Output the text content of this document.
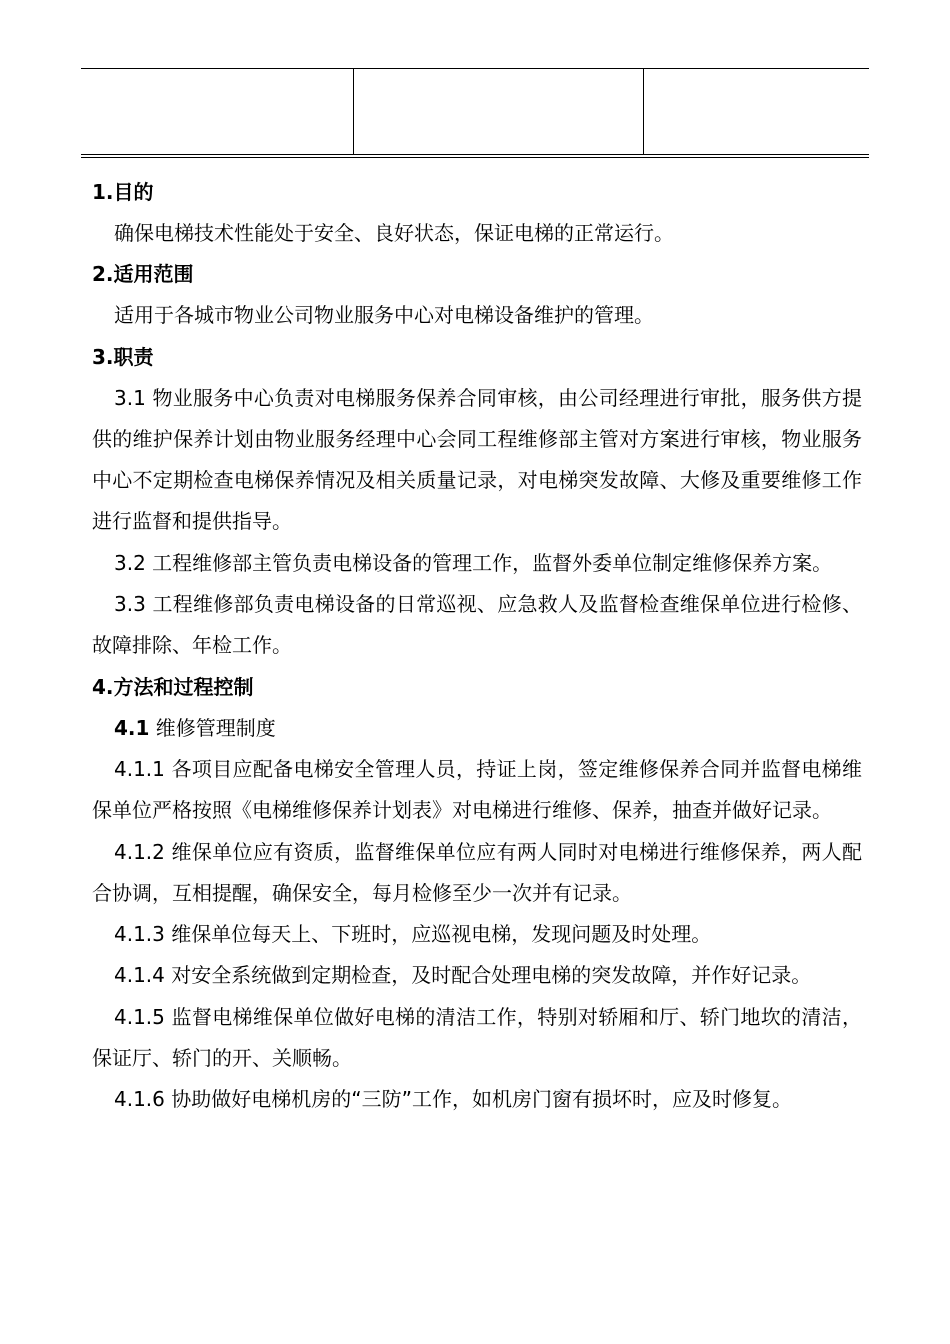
1.目的

确保电梯技术性能处于安全、良好状态，保证电梯的正常运行。

2.适用范围

适用于各城市物业公司物业服务中心对电梯设备维护的管理。

3.职责

3.1 物业服务中心负责对电梯服务保养合同审核，由公司经理进行审批，服务供方提供的维护保养计划由物业服务经理中心会同工程维修部主管对方案进行审核，物业服务中心不定期检查电梯保养情况及相关质量记录，对电梯突发故障、大修及重要维修工作进行监督和提供指导。

3.2 工程维修部主管负责电梯设备的管理工作，监督外委单位制定维修保养方案。

3.3 工程维修部负责电梯设备的日常巡视、应急救人及监督检查维保单位进行检修、故障排除、年检工作。

4.方法和过程控制
4.1 维修管理制度

4.1.1 各项目应配备电梯安全管理人员，持证上岗，签定维修保养合同并监督电梯维保单位严格按照《电梯维修保养计划表》对电梯进行维修、保养，抽查并做好记录。

4.1.2 维保单位应有资质，监督维保单位应有两人同时对电梯进行维修保养，两人配合协调，互相提醒，确保安全，每月检修至少一次并有记录。

4.1.3 维保单位每天上、下班时，应巡视电梯，发现问题及时处理。

4.1.4 对安全系统做到定期检查，及时配合处理电梯的突发故障，并作好记录。

4.1.5 监督电梯维保单位做好电梯的清洁工作，特别对轿厢和厅、轿门地坎的清洁，保证厅、轿门的开、关顺畅。

4.1.6 协助做好电梯机房的“三防”工作，如机房门窗有损坏时，应及时修复。
